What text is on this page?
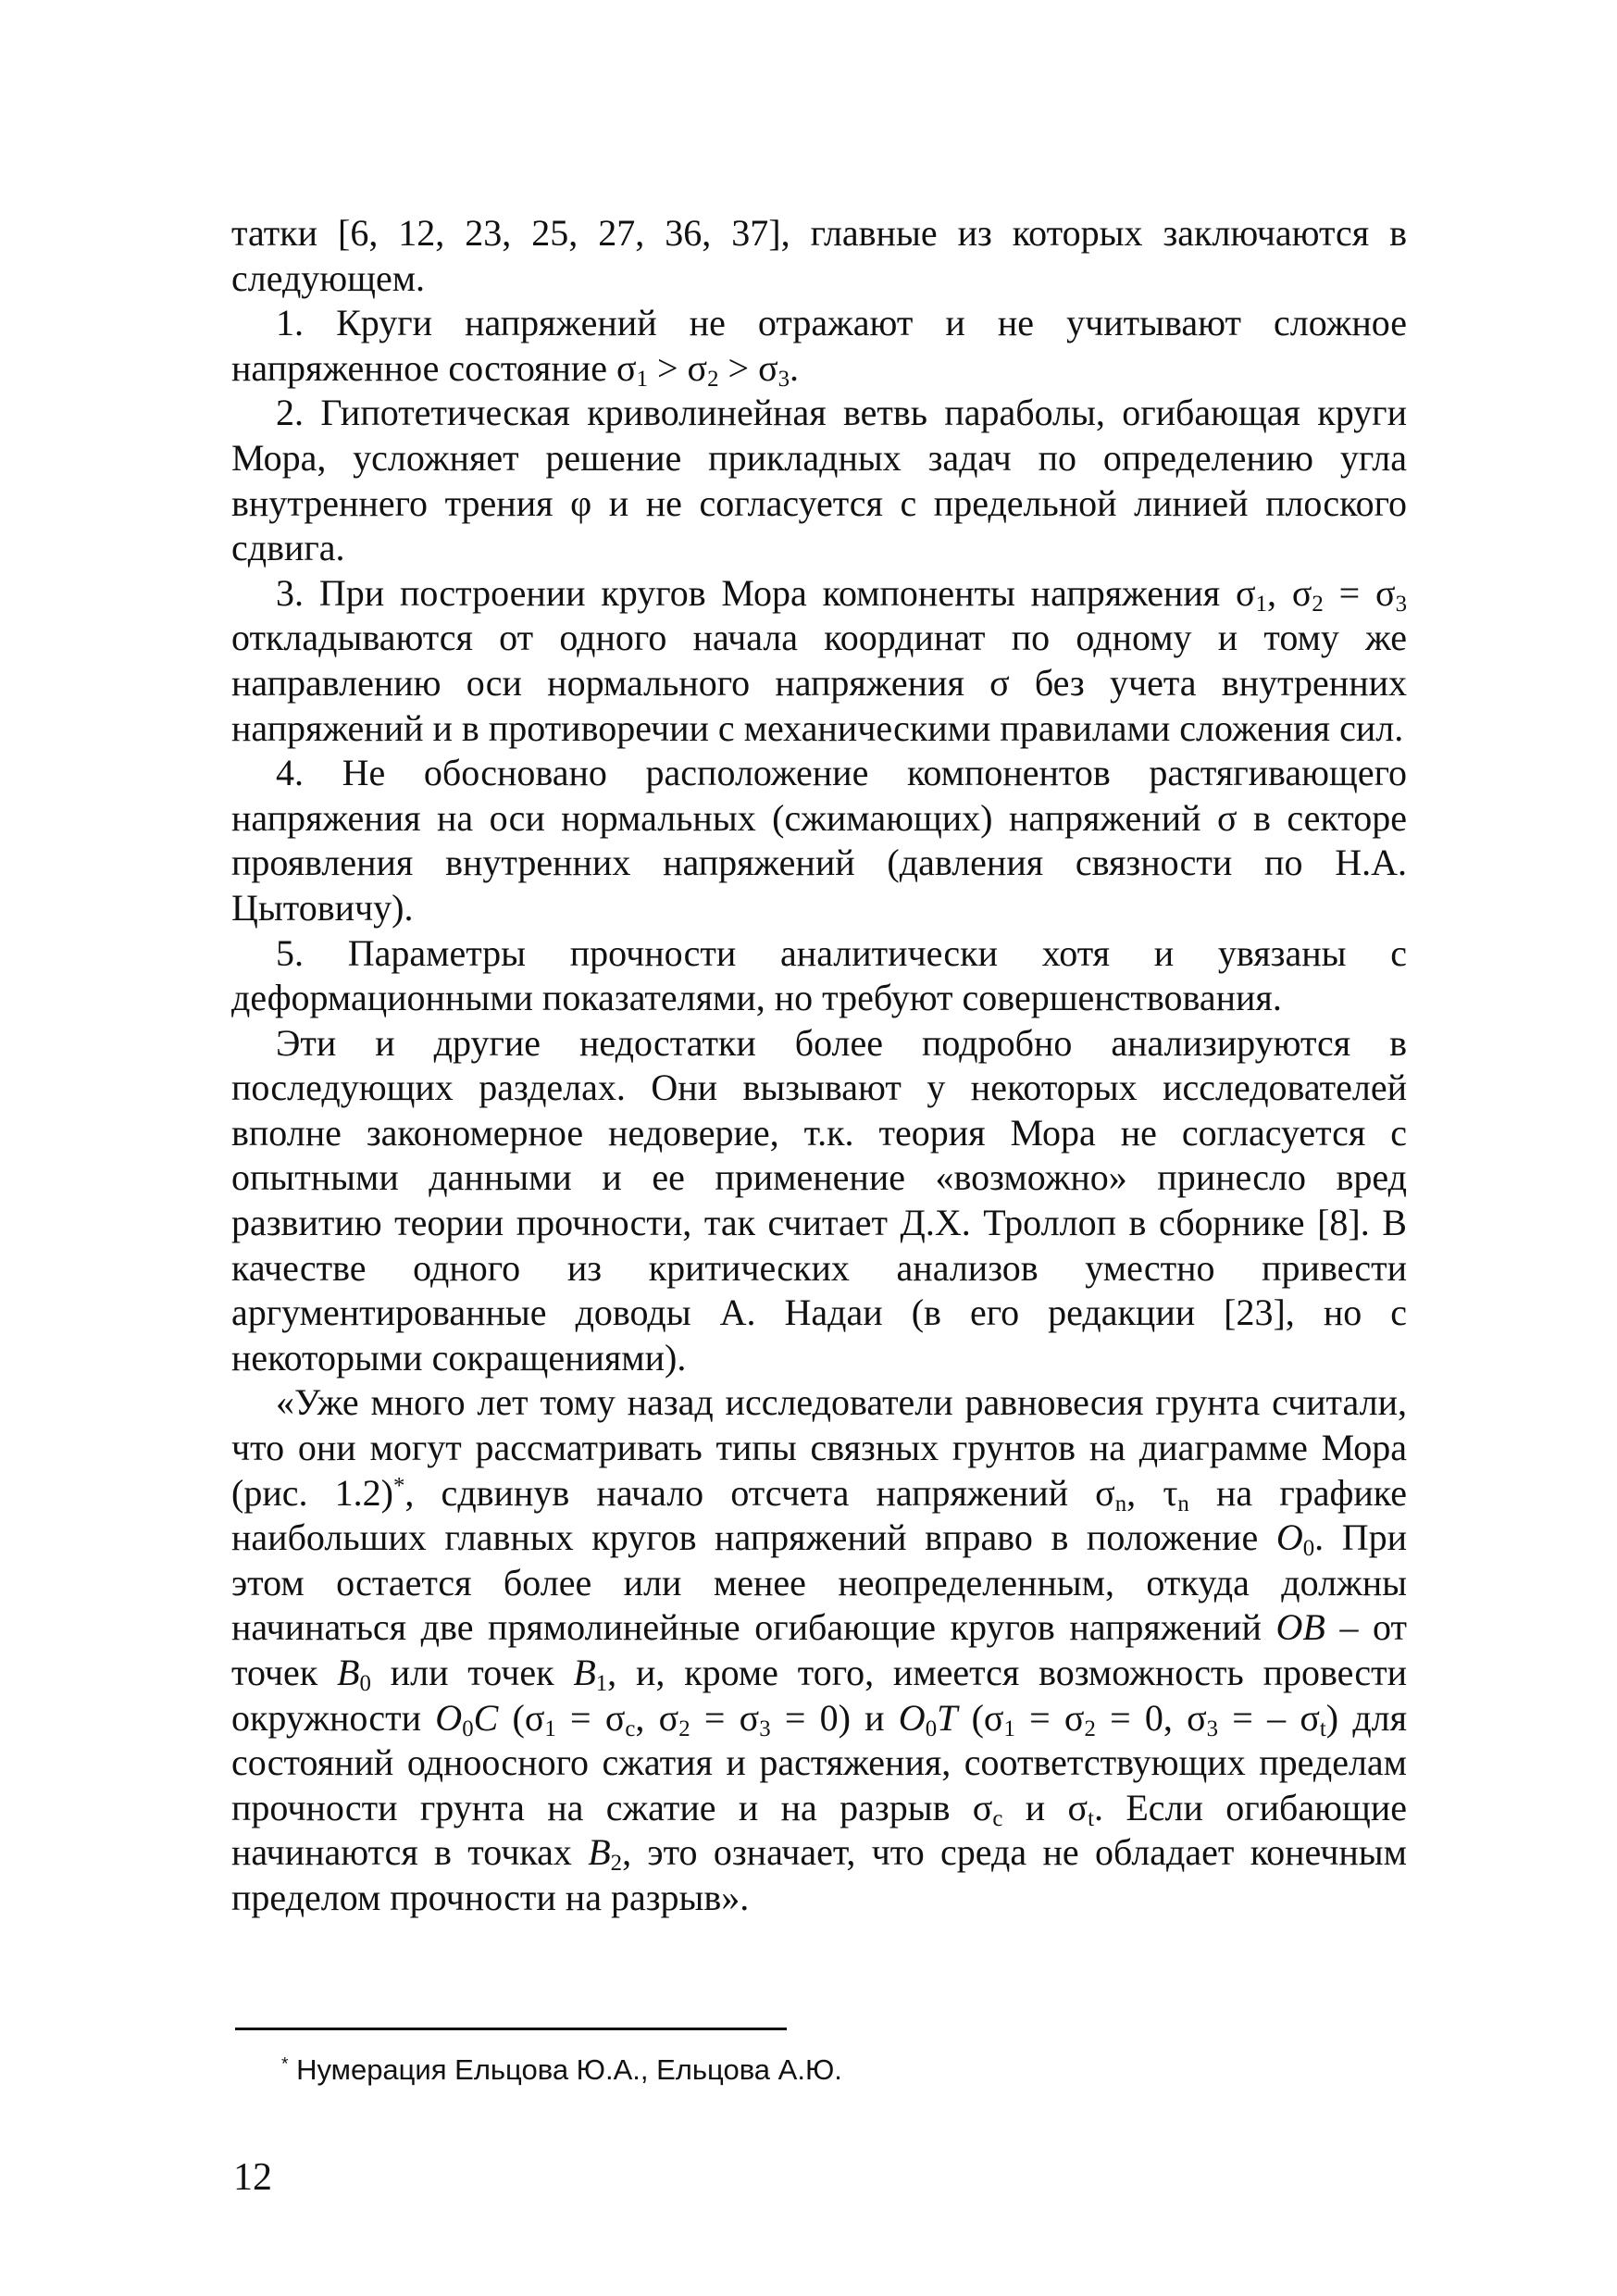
татки [6, 12, 23, 25, 27, 36, 37], главные из которых заключаются в следующем.

1. Круги напряжений не отражают и не учитывают сложное напряженное состояние $\sigma_1 > \sigma_2 > \sigma_3$.

2. Гипотетическая криволинейная ветвь параболы, огибающая круги Мора, усложняет решение прикладных задач по определению угла внутреннего трения φ и не согласуется с предельной линией плоского сдвига.

3. При построении кругов Мора компоненты напряжения $\sigma_1$, $\sigma_2 = \sigma_3$ откладываются от одного начала координат по одному и тому же направлению оси нормального напряжения σ без учета внутренних напряжений и в противоречии с механическими правилами сложения сил.

4. Не обосновано расположение компонентов растягивающего напряжения на оси нормальных (сжимающих) напряжений σ в секторе проявления внутренних напряжений (давления связности по Н.А. Цытовичу).

5. Параметры прочности аналитически хотя и увязаны с деформационными показателями, но требуют совершенствования.

Эти и другие недостатки более подробно анализируются в последующих разделах. Они вызывают у некоторых исследователей вполне закономерное недоверие, т.к. теория Мора не согласуется с опытными данными и ее применение «возможно» принесло вред развитию теории прочности, так считает Д.Х. Троллоп в сборнике [8]. В качестве одного из критических анализов уместно привести аргументированные доводы А. Надаи (в его редакции [23], но с некоторыми сокращениями).

«Уже много лет тому назад исследователи равновесия грунта считали, что они могут рассматривать типы связных грунтов на диаграмме Мора (рис. 1.2)*, сдвинув начало отсчета напряжений $\sigma_n$, $\tau_n$ на графике наибольших главных кругов напряжений вправо в положение $O_0$. При этом остается более или менее неопределенным, откуда должны начинаться две прямолинейные огибающие кругов напряжений OB – от точек $B_0$ или точек $B_1$, и, кроме того, имеется возможность провести окружности $O_0C$ ($\sigma_1 = \sigma_c$, $\sigma_2 = \sigma_3 = 0$) и $O_0T$ ($\sigma_1 = \sigma_2 = 0$, $\sigma_3$ = – $\sigma_t$) для состояний одноосного сжатия и растяжения, соответствующих пределам прочности грунта на сжатие и на разрыв $\sigma_c$ и $\sigma_t$. Если огибающие начинаются в точках $B_2$, это означает, что среда не обладает конечным пределом прочности на разрыв».

* Нумерация Ельцова Ю.А., Ельцова А.Ю.
12
